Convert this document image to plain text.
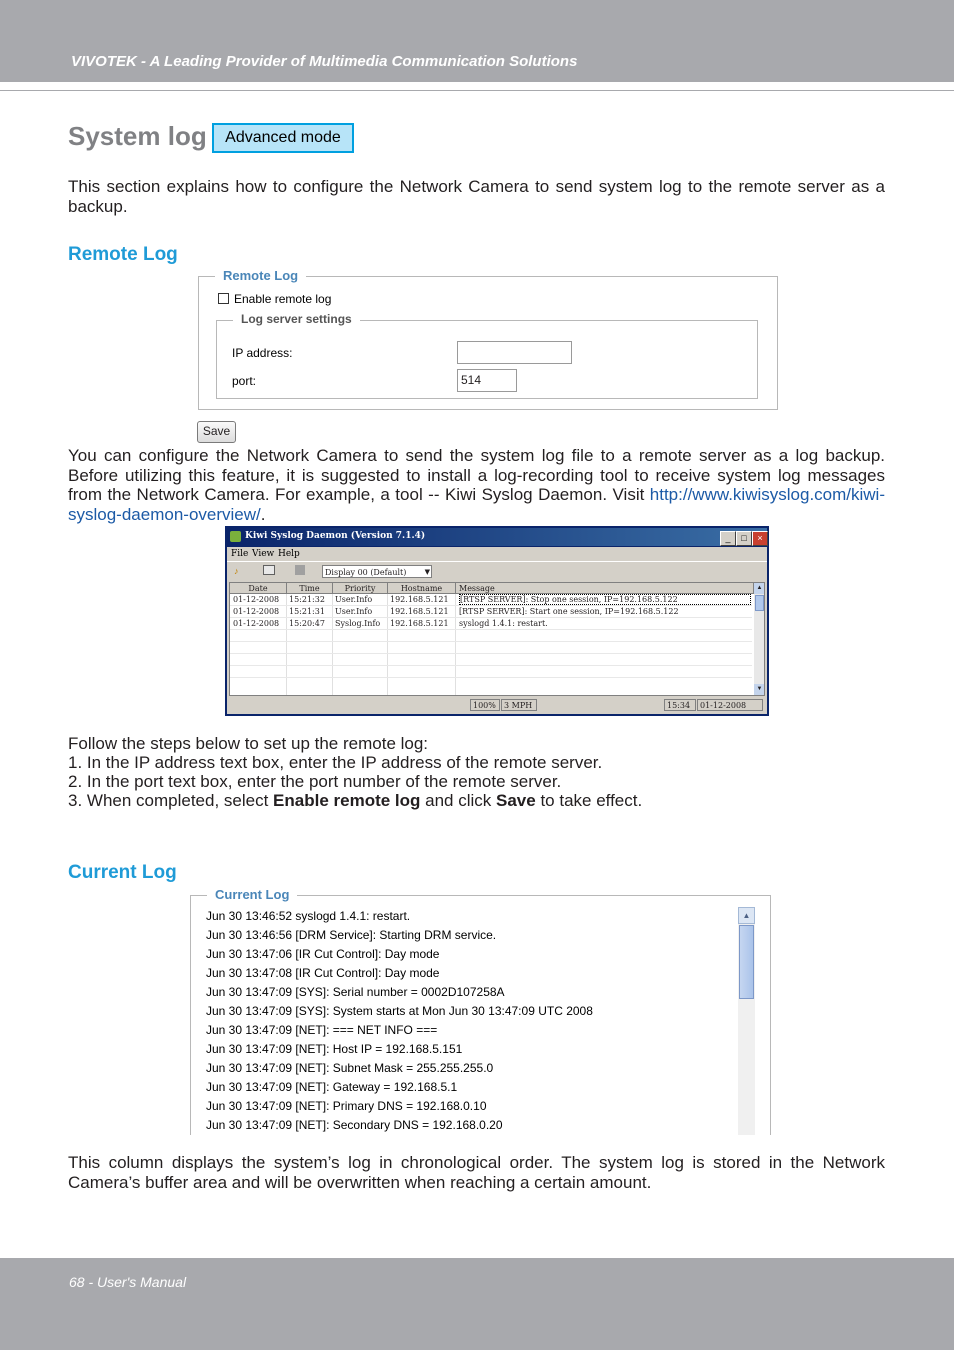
VIVOTEK - A Leading Provider of Multimedia Communication Solutions
System log	Advanced mode
This section explains how to configure the Network Camera to send system log to the remote server as a backup.
Remote Log
Remote Log
Enable remote log
Log server settings
IP address:
port:	514
Save
You can configure the Network Camera to send the system log file to a remote server as a log backup. Before utilizing this feature, it is suggested to install a log-recording tool to receive system log messages from the Network Camera. For example, a tool -- Kiwi Syslog Daemon. Visit http://www.kiwisyslog.com/kiwi-syslog-daemon-overview/.
Kiwi Syslog Daemon (Version 7.1.4)	_	□	×
File View Help
♪	Display 00 (Default)	▼
Date	Time	Priority	Hostname	Message
01-12-2008 15:21:32 User.Info 192.168.5.121 [RTSP SERVER]: Stop one session, IP=192.168.5.122
01-12-2008 15:21:31 User.Info 192.168.5.121 [RTSP SERVER]: Start one session, IP=192.168.5.122
01-12-2008 15:20:47 Syslog.Info 192.168.5.121 syslogd 1.4.1: restart.
▲
▼
100%	3 MPH	15:34	01-12-2008
Follow the steps below to set up the remote log:
1. In the IP address text box, enter the IP address of the remote server.
2. In the port text box, enter the port number of the remote server.
3. When completed, select Enable remote log and click Save to take effect.
Current Log
Current Log
Jun 30 13:46:52 syslogd 1.4.1: restart.
Jun 30 13:46:56 [DRM Service]: Starting DRM service.
Jun 30 13:47:06 [IR Cut Control]: Day mode
Jun 30 13:47:08 [IR Cut Control]: Day mode
Jun 30 13:47:09 [SYS]: Serial number = 0002D107258A
Jun 30 13:47:09 [SYS]: System starts at Mon Jun 30 13:47:09 UTC 2008
Jun 30 13:47:09 [NET]: === NET INFO ===
Jun 30 13:47:09 [NET]: Host IP = 192.168.5.151
Jun 30 13:47:09 [NET]: Subnet Mask = 255.255.255.0
Jun 30 13:47:09 [NET]: Gateway = 192.168.5.1
Jun 30 13:47:09 [NET]: Primary DNS = 192.168.0.10
Jun 30 13:47:09 [NET]: Secondary DNS = 192.168.0.20
▲
This column displays the system’s log in chronological order. The system log is stored in the Network Camera’s buffer area and will be overwritten when reaching a certain amount.
68 - User's Manual
